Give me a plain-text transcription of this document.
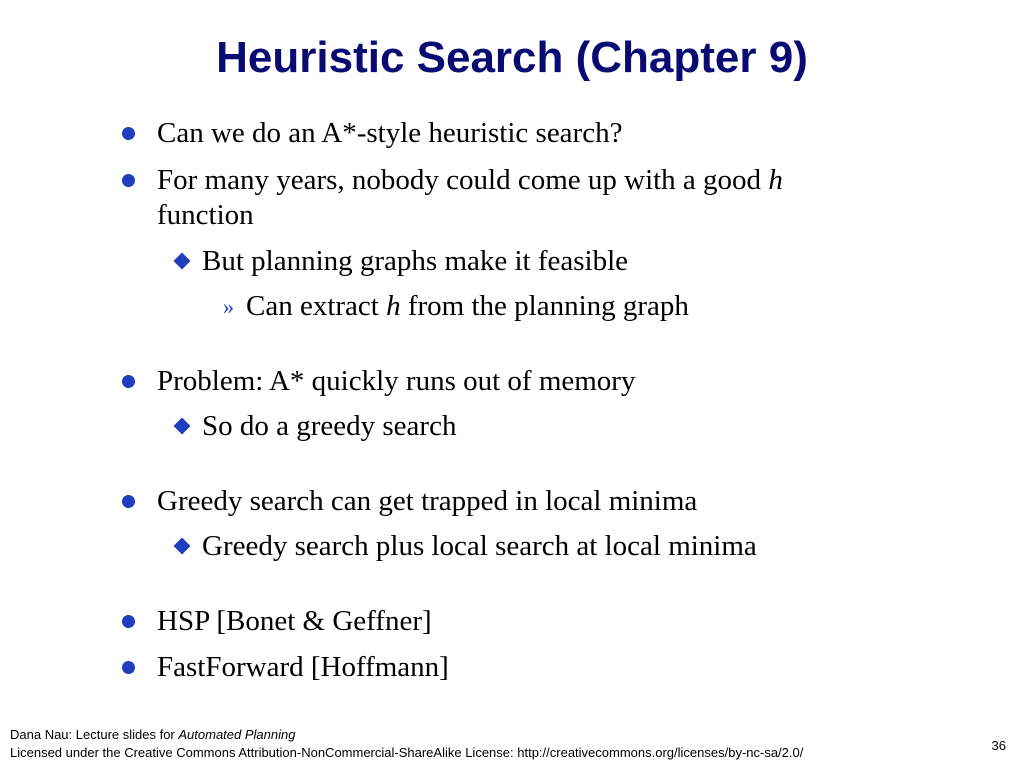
Heuristic Search (Chapter 9)
Can we do an A*-style heuristic search?
For many years, nobody could come up with a good h
function
But planning graphs make it feasible
» Can extract h from the planning graph
Problem: A* quickly runs out of memory
So do a greedy search
Greedy search can get trapped in local minima
Greedy search plus local search at local minima
HSP [Bonet & Geffner]
FastForward [Hoffmann]
Dana Nau: Lecture slides for Automated Planning
Licensed under the Creative Commons Attribution-NonCommercial-ShareAlike License: http://creativecommons.org/licenses/by-nc-sa/2.0/	36
